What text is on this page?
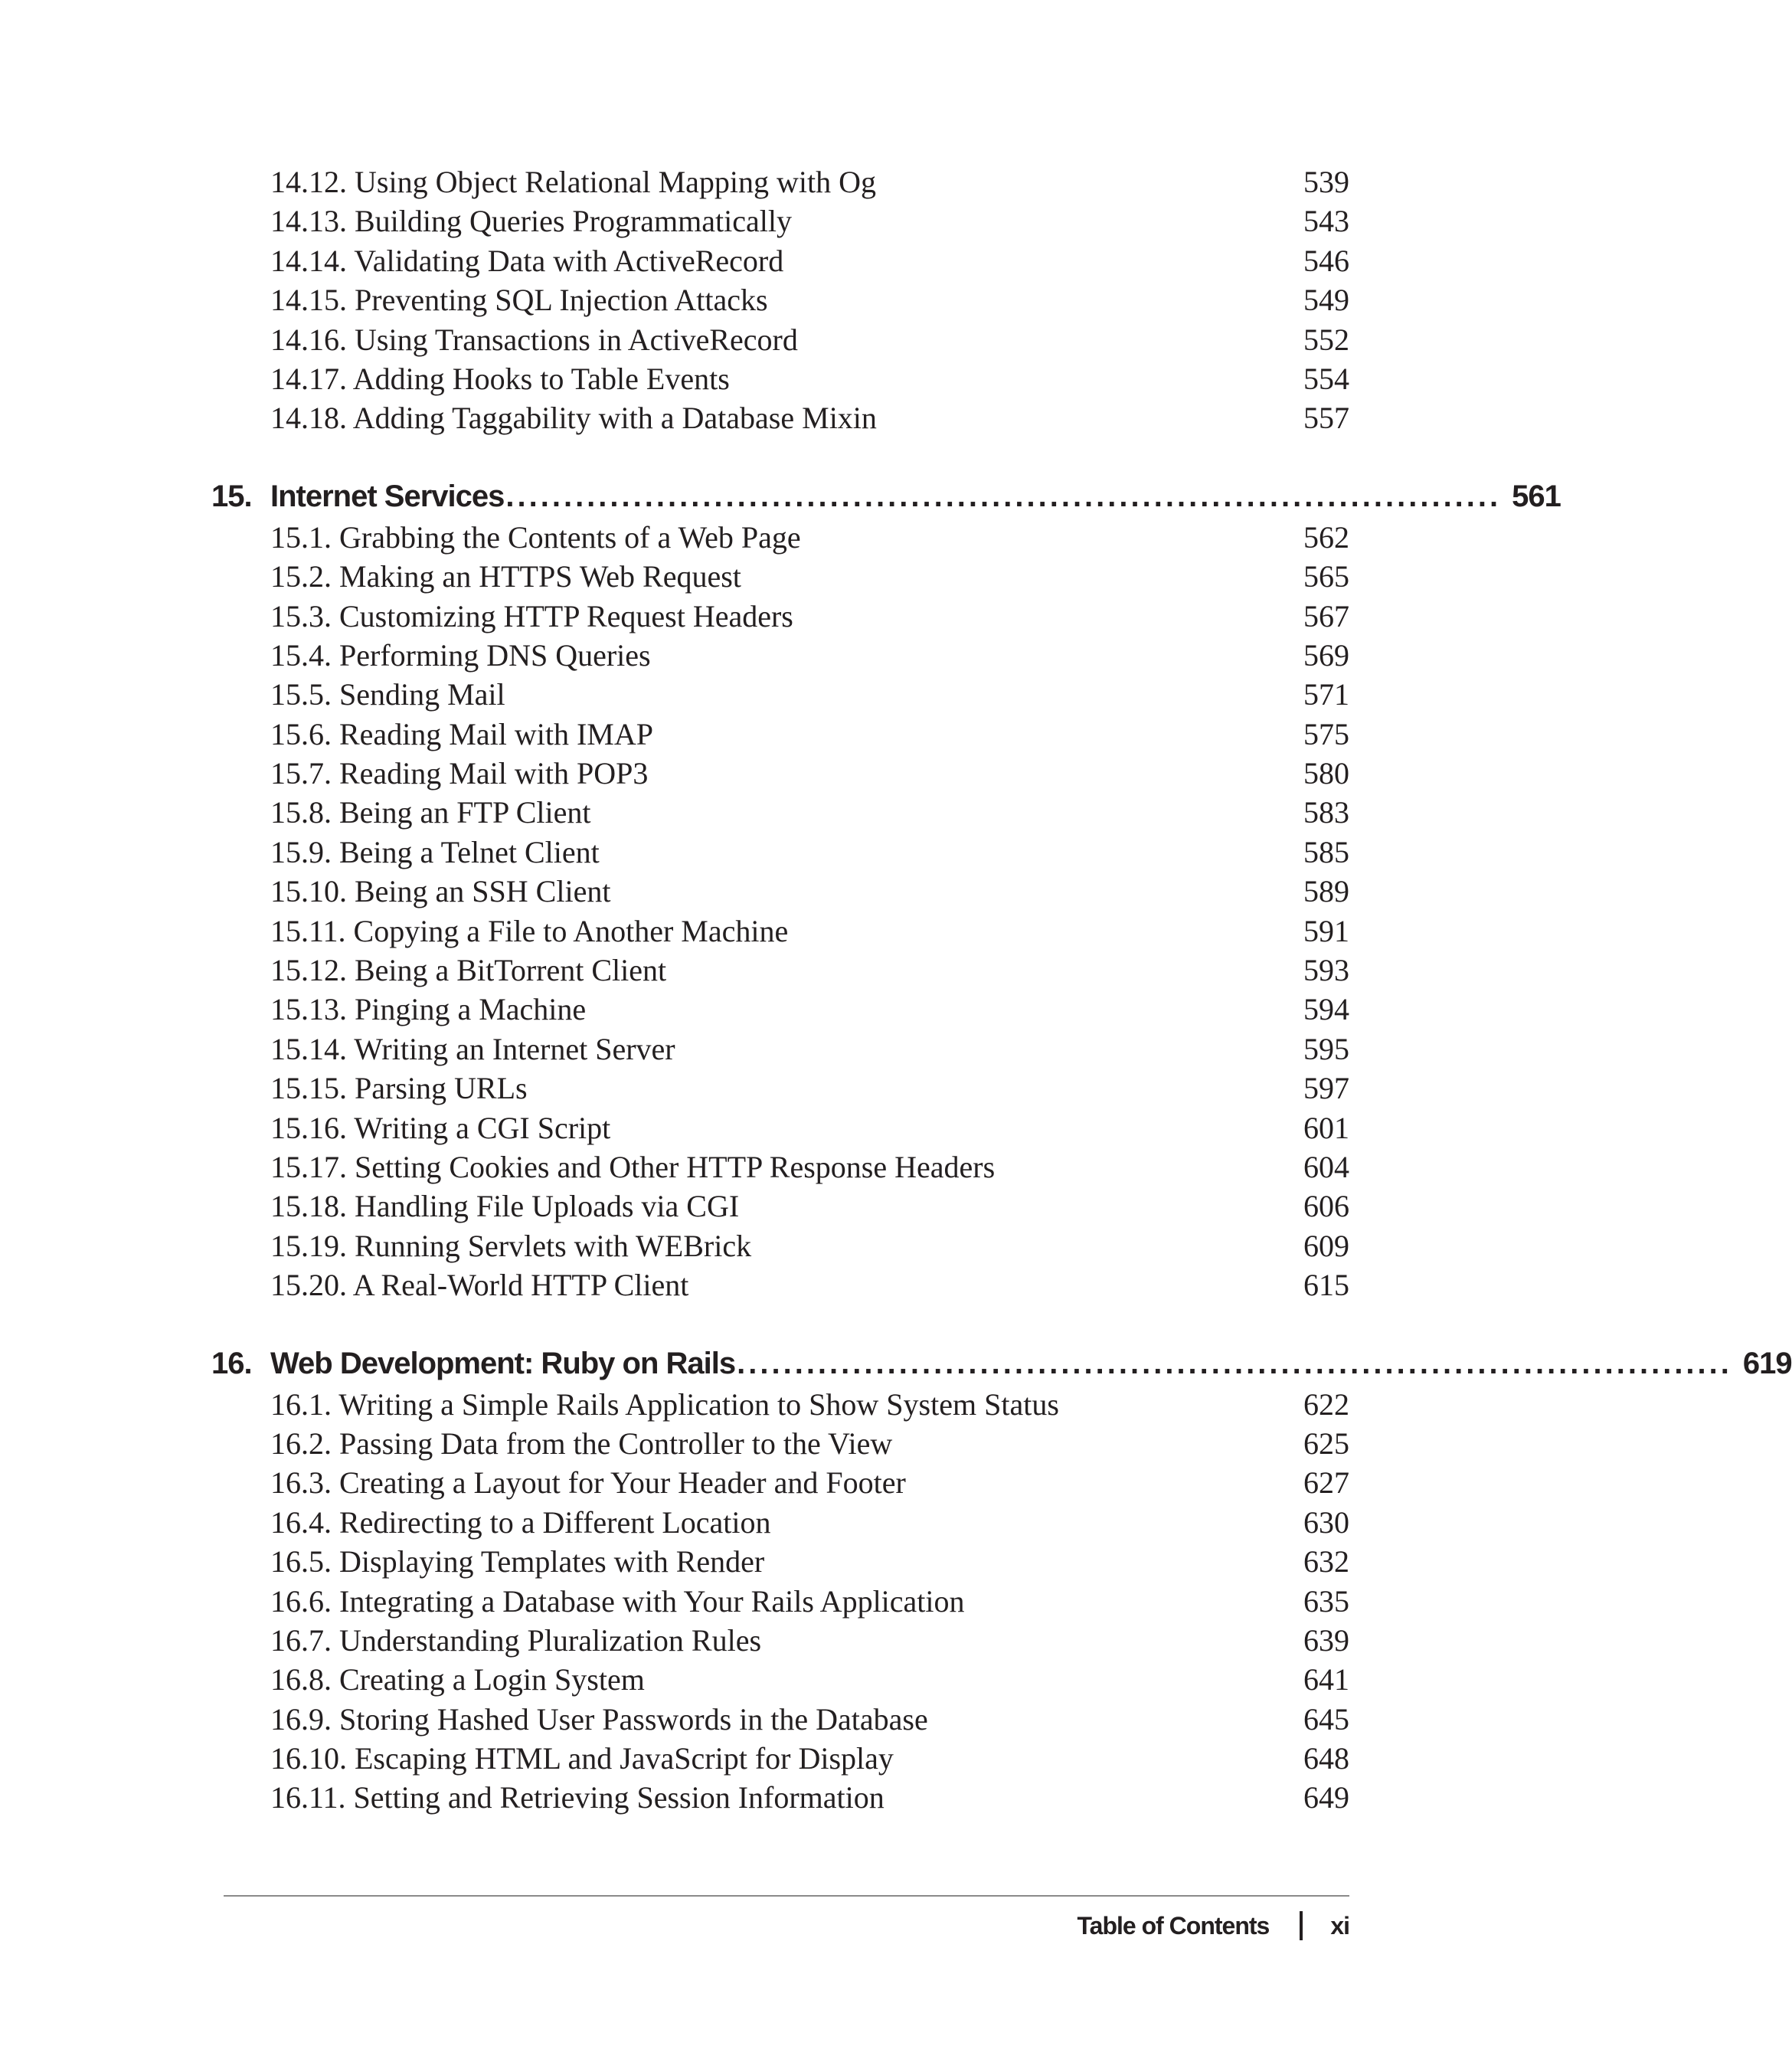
14.12. Using Object Relational Mapping with Og	539
14.13. Building Queries Programmatically	543
14.14. Validating Data with ActiveRecord	546
14.15. Preventing SQL Injection Attacks	549
14.16. Using Transactions in ActiveRecord	552
14.17. Adding Hooks to Table Events	554
14.18. Adding Taggability with a Database Mixin	557
15. Internet Services ...................................................................................... 561
15.1. Grabbing the Contents of a Web Page	562
15.2. Making an HTTPS Web Request	565
15.3. Customizing HTTP Request Headers	567
15.4. Performing DNS Queries	569
15.5. Sending Mail	571
15.6. Reading Mail with IMAP	575
15.7. Reading Mail with POP3	580
15.8. Being an FTP Client	583
15.9. Being a Telnet Client	585
15.10. Being an SSH Client	589
15.11. Copying a File to Another Machine	591
15.12. Being a BitTorrent Client	593
15.13. Pinging a Machine	594
15.14. Writing an Internet Server	595
15.15. Parsing URLs	597
15.16. Writing a CGI Script	601
15.17. Setting Cookies and Other HTTP Response Headers	604
15.18. Handling File Uploads via CGI	606
15.19. Running Servlets with WEBrick	609
15.20. A Real-World HTTP Client	615
16. Web Development: Ruby on Rails ...................................................................................... 619
16.1. Writing a Simple Rails Application to Show System Status	622
16.2. Passing Data from the Controller to the View	625
16.3. Creating a Layout for Your Header and Footer	627
16.4. Redirecting to a Different Location	630
16.5. Displaying Templates with Render	632
16.6. Integrating a Database with Your Rails Application	635
16.7. Understanding Pluralization Rules	639
16.8. Creating a Login System	641
16.9. Storing Hashed User Passwords in the Database	645
16.10. Escaping HTML and JavaScript for Display	648
16.11. Setting and Retrieving Session Information	649
Table of Contents	xi
